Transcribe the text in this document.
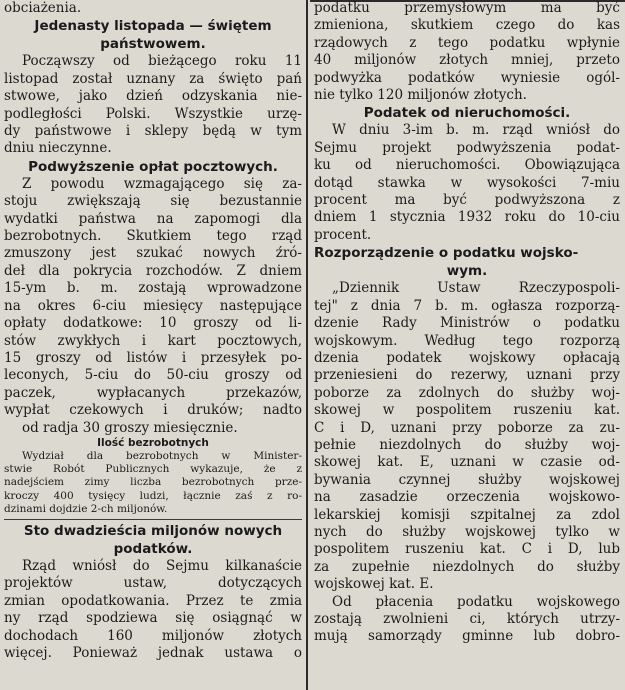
obciażenia.

Jedenasty listopada — świętem
państwowem.
Począwszy od bieżącego roku 11
listopad został uznany za święto pań
stwowe, jako dzień odzyskania nie-
podległości Polski. Wszystkie urzę-
dy państwowe i sklepy będą w tym
dniu nieczynne.
Podwyższenie opłat pocztowych.
Z powodu wzmagającego się za-
stoju zwiększają się bezustannie
wydatki państwa na zapomogi dla
bezrobotnych. Skutkiem tego rząd
zmuszony jest szukać nowych źró-
deł dla pokrycia rozchodów. Z dniem
15-ym b. m. zostają wprowadzone
na okres 6-ciu miesięcy następujące
opłaty dodatkowe: 10 groszy od li-
stów zwykłych i kart pocztowych,
15 groszy od listów i przesyłek po-
leconych, 5-ciu do 50-ciu groszy od
paczek, wypłacanych przekazów,
wypłat czekowych i druków; nadto
od radja 30 groszy miesięcznie.
Ilość bezrobotnych
Wydział dla bezrobotnych w Minister-
stwie Robót Publicznych wykazuje, że z
nadejściem zimy liczba bezrobotnych prze-
kroczy 400 tysięcy ludzi, łącznie zaś z ro-
dzinami dojdzie 2-ch miljonów.
Sto dwadzieścia miljonów nowych
podatków.
Rząd wniósł do Sejmu kilkanaście
projektów ustaw, dotyczących
zmian opodatkowania. Przez te zmia
ny rząd spodziewa się osiągnąć w
dochodach 160 miljonów złotych
więcej. Ponieważ jednak ustawa o
podatku przemysłowym ma być
zmieniona, skutkiem czego do kas
rządowych z tego podatku wpłynie
40 miljonów złotych mniej, przeto
podwyżka podatków wyniesie ogól-
nie tylko 120 miljonów złotych.
Podatek od nieruchomości.
W dniu 3-im b. m. rząd wniósł do
Sejmu projekt podwyższenia podat-
ku od nieruchomości. Obowiązująca
dotąd stawka w wysokości 7-miu
procent ma być podwyższona z
dniem 1 stycznia 1932 roku do 10-ciu
procent.
Rozporządzenie o podatku wojsko-
wym.
„Dziennik Ustaw Rzeczypospoli-
tej" z dnia 7 b. m. ogłasza rozporzą-
dzenie Rady Ministrów o podatku
wojskowym. Według tego rozporzą
dzenia podatek wojskowy opłacają
przeniesieni do rezerwy, uznani przy
poborze za zdolnych do służby woj-
skowej w pospolitem ruszeniu kat.
C i D, uznani przy poborze za zu-
pełnie niezdolnych do służby woj-
skowej kat. E, uznani w czasie od-
bywania czynnej służby wojskowej
na zasadzie orzeczenia wojskowo-
lekarskiej komisji szpitalnej za zdol
nych do służby wojskowej tylko w
pospolitem ruszeniu kat. C i D, lub
za zupełnie niezdolnych do służby
wojskowej kat. E.
Od płacenia podatku wojskowego
zostają zwolnieni ci, których utrzy-
mują samorządy gminne lub dobro-
